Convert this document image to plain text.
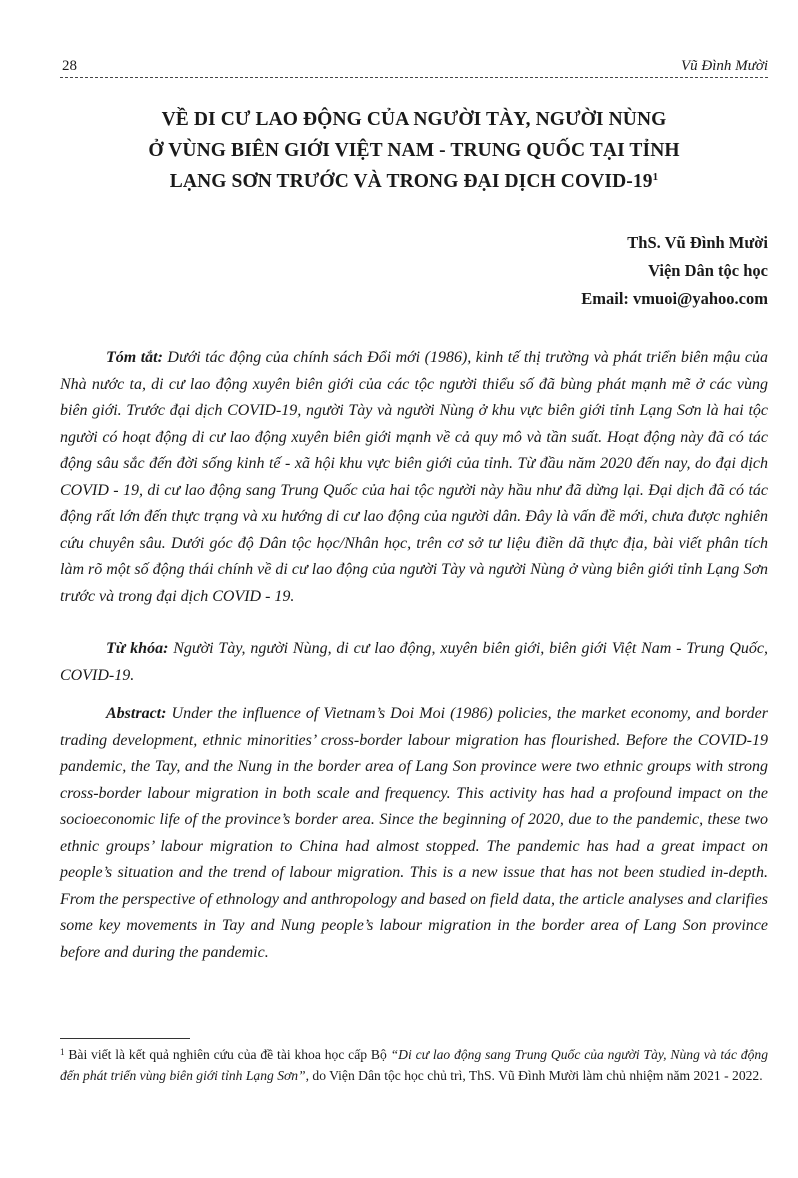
28	Vũ Đình Mười
VỀ DI CƯ LAO ĐỘNG CỦA NGƯỜI TÀY, NGƯỜI NÙNG
Ở VÙNG BIÊN GIỚI VIỆT NAM - TRUNG QUỐC TẠI TỈNH
LẠNG SƠN TRƯỚC VÀ TRONG ĐẠI DỊCH COVID-$19^1$
ThS. Vũ Đình Mười
Viện Dân tộc học
Email: vmuoi@yahoo.com

Tóm tắt: Dưới tác động của chính sách Đổi mới (1986), kinh tế thị trường và phát triển biên mậu của Nhà nước ta, di cư lao động xuyên biên giới của các tộc người thiểu số đã bùng phát mạnh mẽ ở các vùng biên giới. Trước đại dịch COVID-19, người Tày và người Nùng ở khu vực biên giới tỉnh Lạng Sơn là hai tộc người có hoạt động di cư lao động xuyên biên giới mạnh về cả quy mô và tần suất. Hoạt động này đã có tác động sâu sắc đến đời sống kinh tế - xã hội khu vực biên giới của tỉnh. Từ đầu năm 2020 đến nay, do đại dịch COVID - 19, di cư lao động sang Trung Quốc của hai tộc người này hầu như đã dừng lại. Đại dịch đã có tác động rất lớn đến thực trạng và xu hướng di cư lao động của người dân. Đây là vấn đề mới, chưa được nghiên cứu chuyên sâu. Dưới góc độ Dân tộc học/Nhân học, trên cơ sở tư liệu điền dã thực địa, bài viết phân tích làm rõ một số động thái chính về di cư lao động của người Tày và người Nùng ở vùng biên giới tỉnh Lạng Sơn trước và trong đại dịch COVID - 19.

Từ khóa: Người Tày, người Nùng, di cư lao động, xuyên biên giới, biên giới Việt Nam - Trung Quốc, COVID-19.

Abstract: Under the influence of Vietnam’s Doi Moi (1986) policies, the market economy, and border trading development, ethnic minorities’ cross-border labour migration has flourished. Before the COVID-19 pandemic, the Tay, and the Nung in the border area of Lang Son province were two ethnic groups with strong cross-border labour migration in both scale and frequency. This activity has had a profound impact on the socioeconomic life of the province’s border area. Since the beginning of 2020, due to the pandemic, these two ethnic groups’ labour migration to China had almost stopped. The pandemic has had a great impact on people’s situation and the trend of labour migration. This is a new issue that has not been studied in-depth. From the perspective of ethnology and anthropology and based on field data, the article analyses and clarifies some key movements in Tay and Nung people’s labour migration in the border area of Lang Son province before and during the pandemic.

$^1$ Bài viết là kết quả nghiên cứu của đề tài khoa học cấp Bộ “Di cư lao động sang Trung Quốc của người Tày, Nùng và tác động đến phát triển vùng biên giới tỉnh Lạng Sơn”, do Viện Dân tộc học chủ trì, ThS. Vũ Đình Mười làm chủ nhiệm năm 2021 - 2022.
